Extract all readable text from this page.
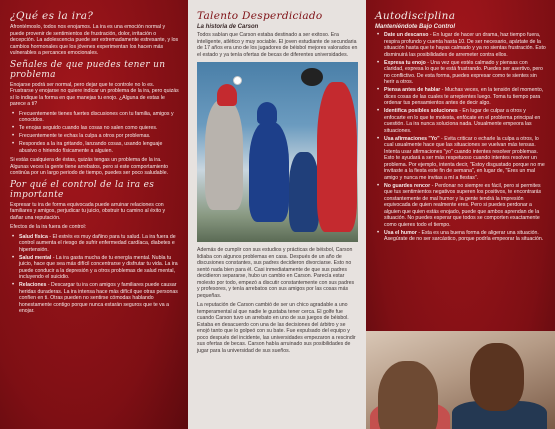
¿Qué es la ira?

Afrontémoslo, todos nos enojamos. La ira es una emoción normal y puede provenir de sentimientos de frustración, dolor, irritación o decepción. La adolescencia puede ser extremadamente estresante, y los cambios hormonales que los jóvenes experimentan los hacen más vulnerables a percances emocionales.

Señales de que puedes tener un problema

Enojarse podrá ser normal, pero dejar que te controle no lo es. Frustrarse y enojarse no quiere indicar un problema de la ira, pero quizás sí lo indique la forma en que manejas tu enojo. ¿Alguna de estas le parece a ti?

• Frecuentemente tienes fuertes discusiones con tu familia, amigos y conocidos.
• Te enojas seguido cuando las cosas no salen como quieres.
• Frecuentemente te echas la culpa a otros por problemas.
• Respondes a la ira gritando, lanzando cosas, usando lenguaje abusivo o hiriendo físicamente a alguien.

Si estás cualquiera de éstas, quizás tengas un problema de la ira. Algunas veces la gente tiene arrebatos, pero si este comportamiento continúa por un largo periodo de tiempo, puedes ser poco saludable.

Por qué el control de la ira es importante

Expresar tu ira de forma equivocada puede arruinar relaciones con familiares y amigos, perjudicar tu juicio, obstruir tu camino al éxito y dañar una reputación.

Efectos de la ira fuera de control:

• Salud física - El estrés es muy dañino para tu salud. La ira fuera de control aumenta el riesgo de sufrir enfermedad cardíaca, diabetes e hipertensión.
• Salud mental - La ira gasta mucha de tu energía mental. Nubla tu juicio, hace que sea más difícil concentrarse y disfrutar tu vida. La ira puede conducir a la depresión y a otros problemas de salud mental, incluyendo el suicidio.
• Relaciones - Descargar tu ira con amigos y familiares puede causar heridas duraderas. La ira intensa hace más difícil que otras personas confíen en ti. Otras pueden no sentirse cómodas hablando honestamente contigo porque nunca estarán seguros que te va a enojar.
Talento Desperdiciado
La historia de Carson

Todos sabían que Carson estaba destinado a ser exitoso. Era inteligente, atlético y muy sociable. El joven estudiante de secundaria de 17 años era uno de los jugadores de béisbol mejores valorados en el estado y ya tenía ofertas de becas de diferentes universidades.

Además de cumplir con sus estudios y prácticas de béisbol, Carson lidiaba con algunos problemas en casa. Después de un año de discusiones constantes, sus padres decidieron divorciarse. Esto no sentó nada bien para él. Casi inmediatamente de que sus padres decidieron separarse, hubo un cambio en Carson. Parecía estar molesto por todo, empezó a discutir constantemente con sus padres y profesores, y tenía arrebatos con sus amigos por las cosas más pequeñas.

La reputación de Carson cambió de ser un chico agradable a uno temperamental al que nadie le gustaba tener cerca. El golfe fue cuando Carson tuvo un arrebato en uno de sus juegos de béisbol. Estaba en desacuerdo con una de las decisiones del árbitro y se enojó tanto que lo golpeó con su bate. Fue expulsado del equipo y poco después del incidente, las universidades empezaron a rescindir sus ofertas de becas. Carson había arruinado sus posibilidades de jugar para la universidad de sus sueños.

Autodisciplina
Manteniéndote Bajo Control
• Date un descanso - En lugar de hacer un drama, haz tiempo fuera, respira profundo y cuenta hasta 10. De ser necesario, apártate de la situación hasta que te hayas calmado y ya no sientas frustración. Esto disminuirá las posibilidades de arremeter contra ellos.
• Expresa tu enojo - Una vez que estés calmado y piensas con claridad, expresa lo que te está frustrando. Puedes ser asertivo, pero no conflictivo. De esta forma, puedes expresar como te sientes sin herir a otros.
• Piensa antes de hablar - Muchas veces, en la tensión del momento, dices cosas de las cuales te arrepientes luego. Toma tu tiempo para ordenar tus pensamientos antes de decir algo.
• Identifica posibles soluciones - En lugar de culpar a otros y enfocarte en lo que te molesta, enfócate en el problema principal en cuestión. La ira nunca soluciona nada. Usualmente empeora las situaciones.
• Usa afirmaciones "Yo" - Evita criticar o echarle la culpa a otros, lo cual usualmente hace que las situaciones se vuelvan más tensas. Intenta usar afirmaciones "yo" cuando intentes resolver problemas. Esto te ayudará a ser más respetuoso cuando intentes resolver un problema. Por ejemplo, intenta decir, "Estoy disgustado porque no me invitaste a la fiesta este fin de semana", en lugar de, "Eres un mal amigo y nunca me invitas a mí a fiestas".
• No guardes rencor - Perdonar no siempre es fácil, pero si permites que tus sentimientos negativos superen los positivos, te encontrarás constantemente de mal humor y la gente tendrá la impresión equivocada de quien realmente eres. Pero si puedes perdonar a alguien que quien estás enojado, puede que ambos aprendan de la situación. No puedes esperar que todos se comporten exactamente como quieres todo el tiempo.
• Usa el humor - Esta es una buena forma de aligerar una situación. Asegúrate de no ser sarcástico, porque podría empeorar la situación.
